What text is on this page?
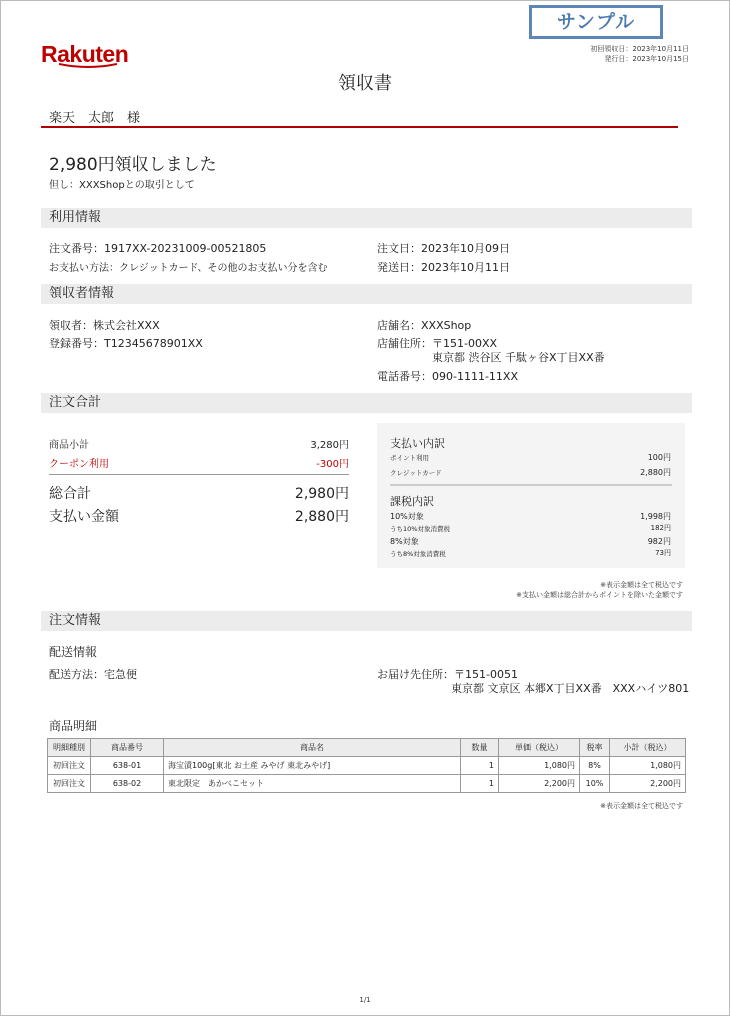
サンプル
Rakuten	初回領収日：2023年10月11日
発行日：2023年10月15日
領収書
楽天　太郎　様
2,980円領収しました
但し：XXXShopとの取引として
利用情報
注文番号：1917XX-20231009-00521805
お支払い方法：クレジットカード、その他のお支払い分を含む
注文日：2023年10月09日
発送日：2023年10月11日
領収者情報
領収者：株式会社XXX
登録番号：T12345678901XX
店舗名：XXXShop
店舗住所：〒151-00XX
東京都 渋谷区 千駄ヶ谷X丁目XX番
電話番号：090-1111-11XX
注文合計
商品小計	3,280円
クーポン利用	-300円
総合計	2,980円
支払い金額	2,880円
支払い内訳
ポイント利用	100円
クレジットカード	2,880円
課税内訳
10%対象	1,998円
うち10%対象消費税	182円
8%対象	982円
うち8%対象消費税	73円
※表示金額は全て税込です
※支払い金額は総合計からポイントを除いた金額です
注文情報
配送情報
配送方法：宅急便	お届け先住所：〒151-0051
東京都 文京区 本郷X丁目XX番　XXXハイツ801
商品明細
明細種別	商品番号	商品名	数量	単価（税込）	税率	小計（税込）
初回注文	638-01	海宝漬100g[東北 お土産 みやげ 東北みやげ]	1	1,080円	8%	1,080円
初回注文	638-02	東北限定　あかべこセット	1	2,200円	10%	2,200円
※表示金額は全て税込です
1/1
